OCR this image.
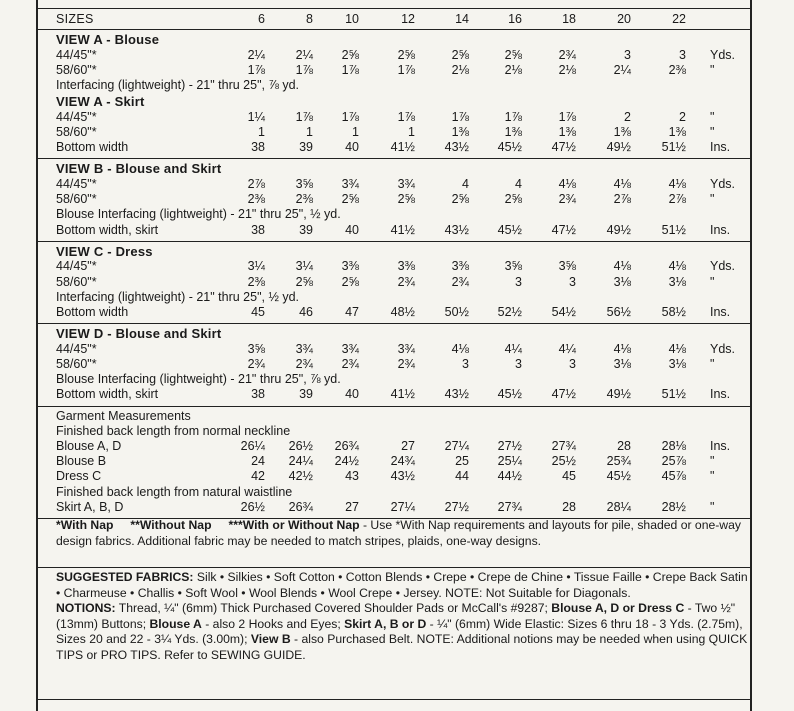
SIZES	6	8	10	12	14	16	18	20	22
VIEW A - Blouse
44/45"*	2¼	2¼	2⅝	2⅝	2⅝	2⅝	2¾	3	3 Yds.
58/60"*	1⅞	1⅞	1⅞	1⅞	2⅛	2⅛	2⅛	2¼	2⅜ "
Interfacing (lightweight) - 21" thru 25", ⅞ yd.
VIEW A - Skirt
44/45"*	1¼	1⅞	1⅞	1⅞	1⅞	1⅞	1⅞	2	2 "
58/60"*	1	1	1	1	1⅜	1⅜	1⅜	1⅜	1⅜ "
Bottom width	38	39	40	41½	43½	45½	47½	49½	51½ Ins.
VIEW B - Blouse and Skirt
44/45"*	2⅞	3⅝	3¾	3¾	4	4	4⅛	4⅛	4⅛ Yds.
58/60"*	2⅜	2⅜	2⅝	2⅝	2⅝	2⅝	2¾	2⅞	2⅞ "
Blouse Interfacing (lightweight) - 21" thru 25", ½ yd.
Bottom width, skirt	38	39	40	41½	43½	45½	47½	49½	51½ Ins.
VIEW C - Dress
44/45"*	3¼	3¼	3⅜	3⅜	3⅜	3⅝	3⅝	4⅛	4⅛ Yds.
58/60"*	2⅜	2⅝	2⅝	2¾	2¾	3	3	3⅛	3⅛ "
Interfacing (lightweight) - 21" thru 25", ½ yd.
Bottom width	45	46	47	48½	50½	52½	54½	56½	58½ Ins.
VIEW D - Blouse and Skirt
44/45"*	3⅝	3¾	3¾	3¾	4⅛	4¼	4¼	4⅛	4⅛ Yds.
58/60"*	2¾	2¾	2¾	2¾	3	3	3	3⅛	3⅛ "
Blouse Interfacing (lightweight) - 21" thru 25", ⅞ yd.
Bottom width, skirt	38	39	40	41½	43½	45½	47½	49½	51½ Ins.
Garment Measurements
Finished back length from normal neckline
Blouse A, D	26¼	26½	26¾	27	27¼	27½	27¾	28	28⅛ Ins.
Blouse B	24	24¼	24½	24¾	25	25¼	25½	25¾	25⅞ "
Dress C	42	42½	43	43½	44	44½	45	45½	45⅞ "
Finished back length from natural waistline
Skirt A, B, D	26½	26¾	27	27¼	27½	27¾	28	28¼	28½ "

*With Nap **Without Nap ***With or Without Nap - Use *With Nap requirements and layouts for pile, shaded or one-way design fabrics. Additional fabric may be needed to match stripes, plaids, one-way designs.

SUGGESTED FABRICS: Silk • Silkies • Soft Cotton • Cotton Blends • Crepe • Crepe de Chine • Tissue Faille • Crepe Back Satin • Charmeuse • Challis • Soft Wool • Wool Blends • Wool Crepe • Jersey. NOTE: Not Suitable for Diagonals.

NOTIONS: Thread, ¼" (6mm) Thick Purchased Covered Shoulder Pads or McCall's #9287; Blouse A, D or Dress C - Two ½" (13mm) Buttons; Blouse A - also 2 Hooks and Eyes; Skirt A, B or D - ¼" (6mm) Wide Elastic: Sizes 6 thru 18 - 3 Yds. (2.75m), Sizes 20 and 22 - 3¼ Yds. (3.00m); View B - also Purchased Belt. NOTE: Additional notions may be needed when using QUICK TIPS or PRO TIPS. Refer to SEWING GUIDE.
